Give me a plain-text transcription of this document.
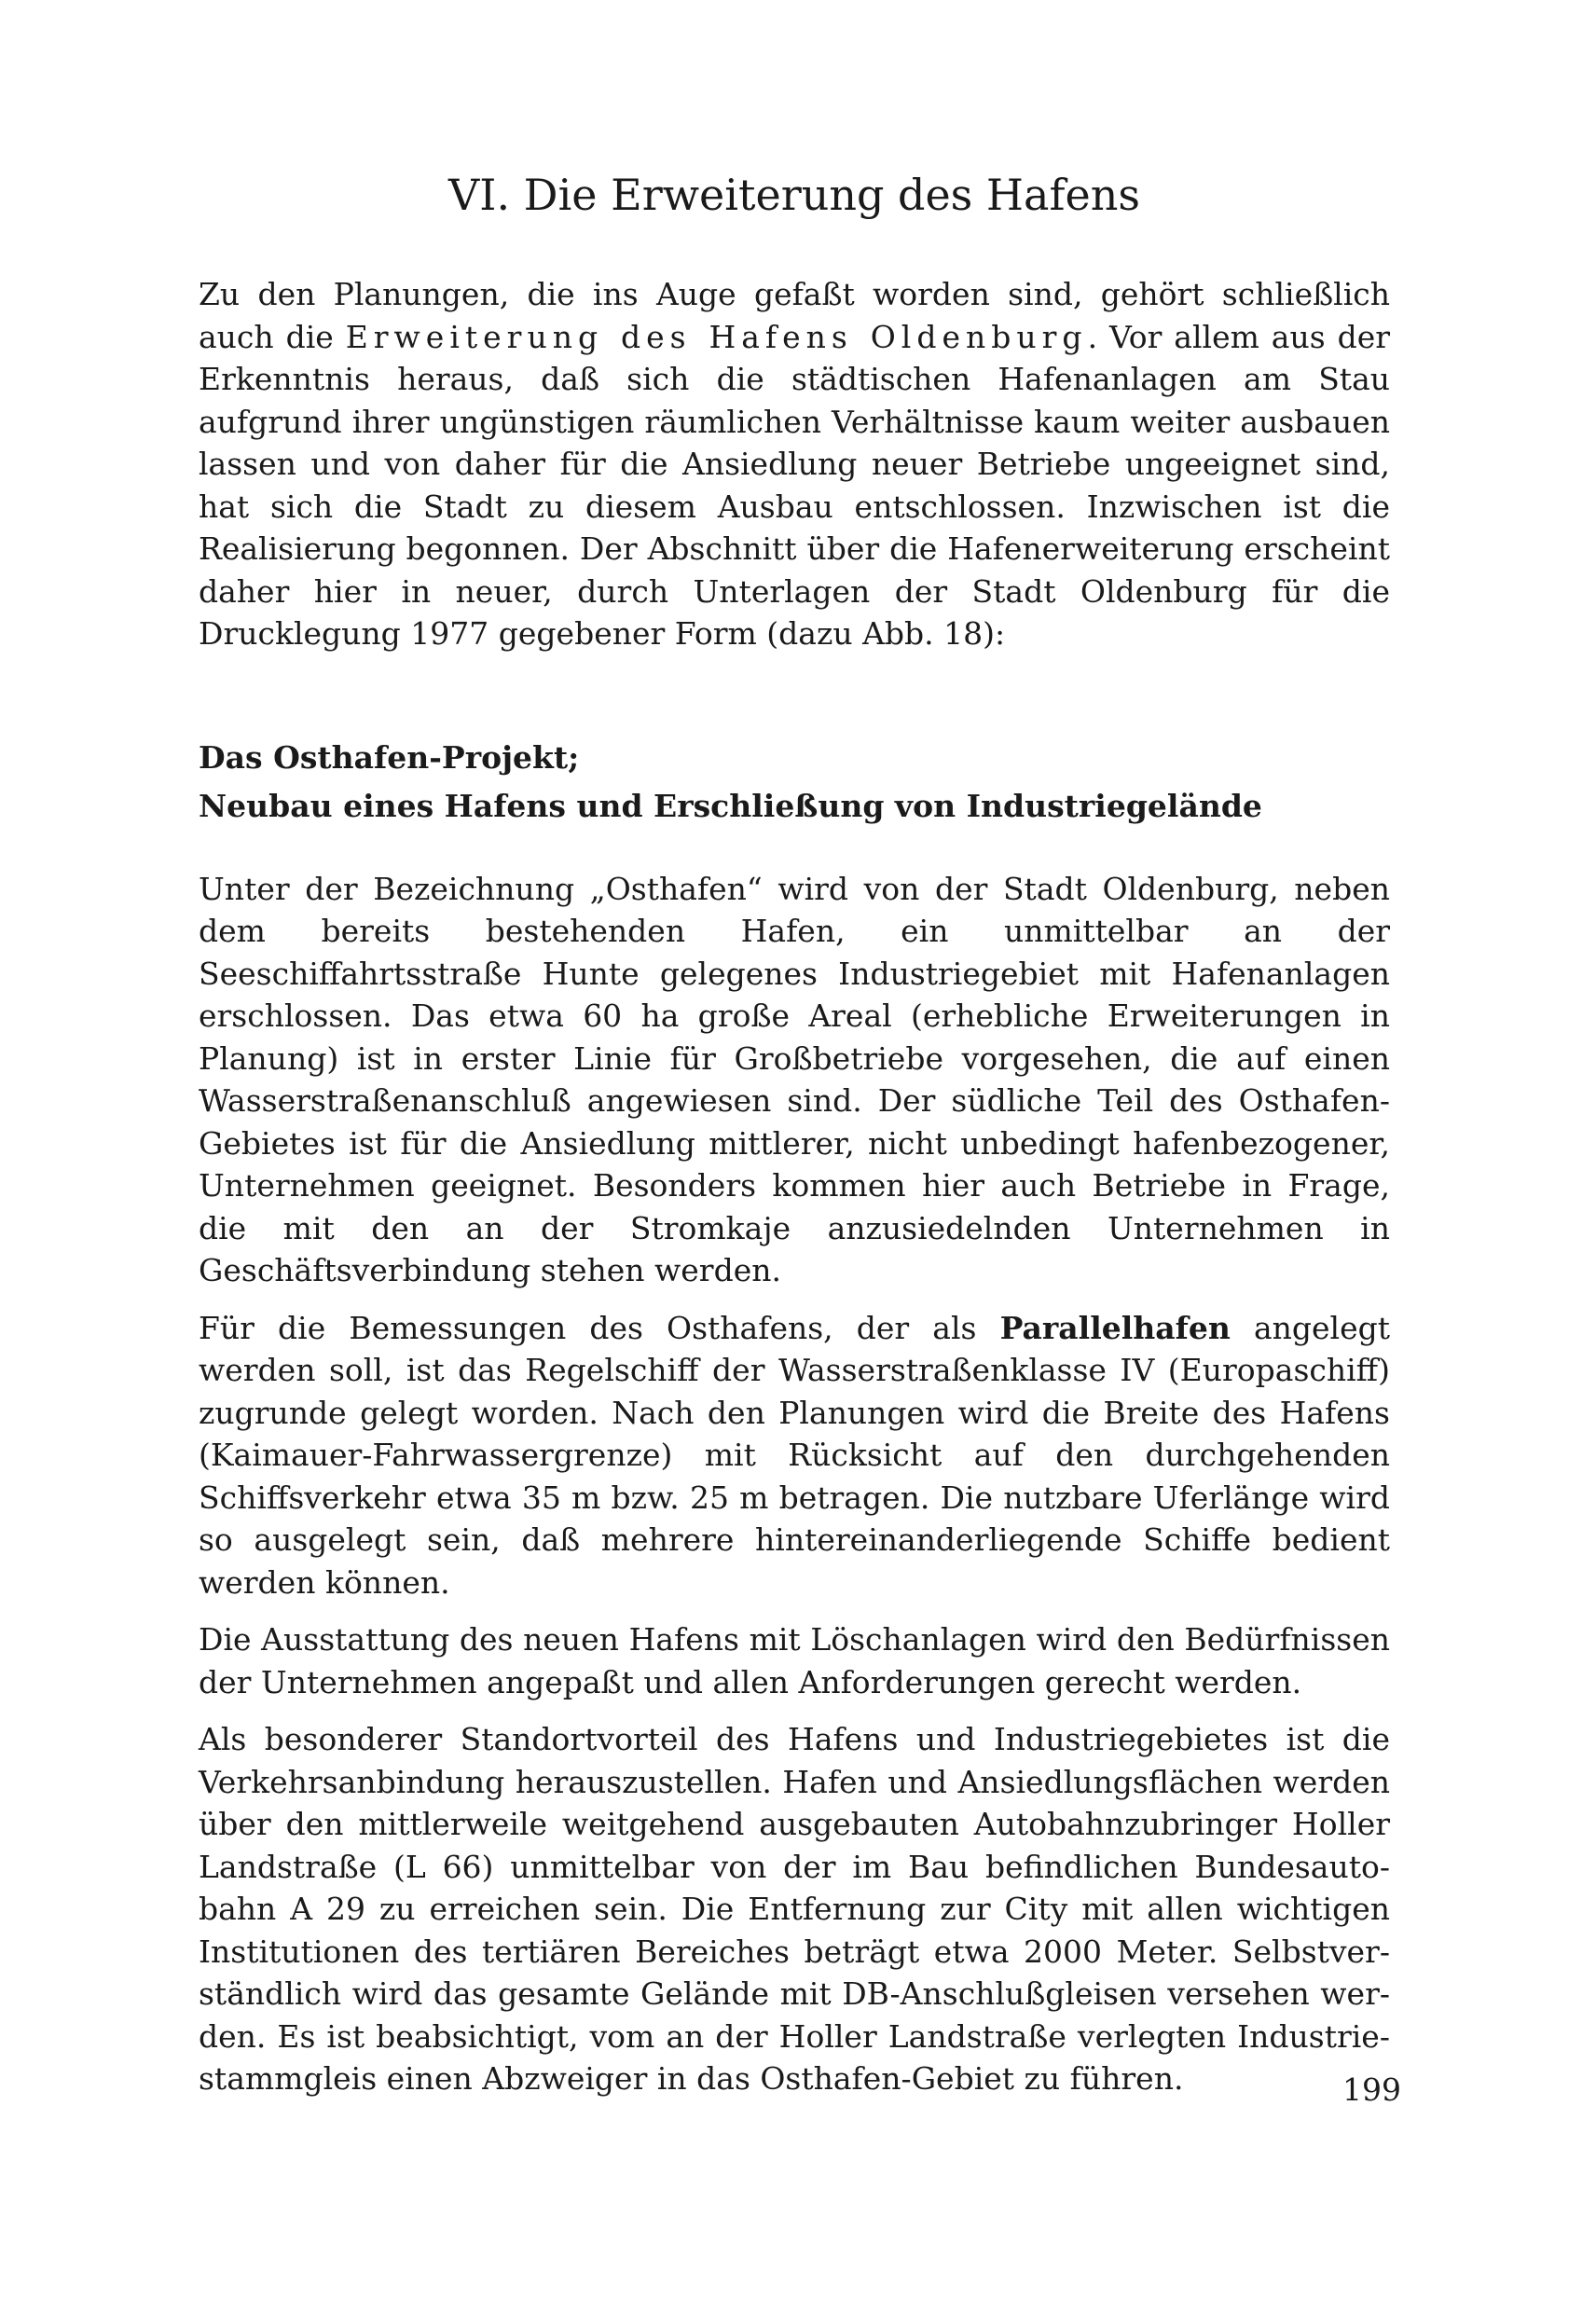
VI. Die Erweiterung des Hafens

Zu den Planungen, die ins Auge gefaßt worden sind, gehört schließlich auch die Erweiterung des Hafens Oldenburg. Vor allem aus der Erkenntnis heraus, daß sich die städtischen Hafenanlagen am Stau aufgrund ihrer ungünstigen räumlichen Verhältnisse kaum weiter ausbauen lassen und von daher für die Ansiedlung neuer Betriebe ungeeignet sind, hat sich die Stadt zu diesem Ausbau entschlossen. Inzwischen ist die Realisierung begonnen. Der Abschnitt über die Hafenerweiterung erscheint daher hier in neuer, durch Unterlagen der Stadt Oldenburg für die Drucklegung 1977 gegebener Form (dazu Abb. 18):

Das Osthafen-Projekt;
Neubau eines Hafens und Erschließung von Industriegelände

Unter der Bezeichnung „Osthafen“ wird von der Stadt Oldenburg, neben dem bereits bestehenden Hafen, ein unmittelbar an der Seeschiffahrtsstraße Hunte gelegenes Industriegebiet mit Hafenanlagen erschlossen. Das etwa 60 ha große Areal (erhebliche Erweiterungen in Planung) ist in erster Linie für Großbetriebe vorgesehen, die auf einen Wasserstraßenanschluß angewiesen sind. Der südliche Teil des Osthafen-Gebietes ist für die Ansiedlung mittlerer, nicht unbedingt hafenbezogener, Unternehmen geeignet. Besonders kommen hier auch Betriebe in Frage, die mit den an der Stromkaje anzusiedelnden Unternehmen in Geschäftsverbindung stehen werden.

Für die Bemessungen des Osthafens, der als Parallelhafen angelegt werden soll, ist das Regelschiff der Wasserstraßenklasse IV (Europaschiff) zugrunde gelegt worden. Nach den Planungen wird die Breite des Hafens (Kaimauer-Fahrwassergrenze) mit Rücksicht auf den durchgehenden Schiffsverkehr etwa 35 m bzw. 25 m betragen. Die nutzbare Uferlänge wird so ausgelegt sein, daß mehrere hintereinanderliegende Schiffe bedient werden können.

Die Ausstattung des neuen Hafens mit Löschanlagen wird den Bedürfnissen der Unternehmen angepaßt und allen Anforderungen gerecht werden.

Als besonderer Standortvorteil des Hafens und Industriegebietes ist die Verkehrsanbindung herauszustellen. Hafen und Ansiedlungsflächen werden über den mittlerweile weitgehend ausgebauten Autobahnzubringer Holler Landstraße (L 66) unmittelbar von der im Bau befindlichen Bundesautobahn A 29 zu erreichen sein. Die Entfernung zur City mit allen wichtigen Institutionen des tertiären Bereiches beträgt etwa 2000 Meter. Selbstverständlich wird das gesamte Gelände mit DB-Anschlußgleisen versehen werden. Es ist beabsichtigt, vom an der Holler Landstraße verlegten Industriestammgleis einen Abzweiger in das Osthafen-Gebiet zu führen.	199
